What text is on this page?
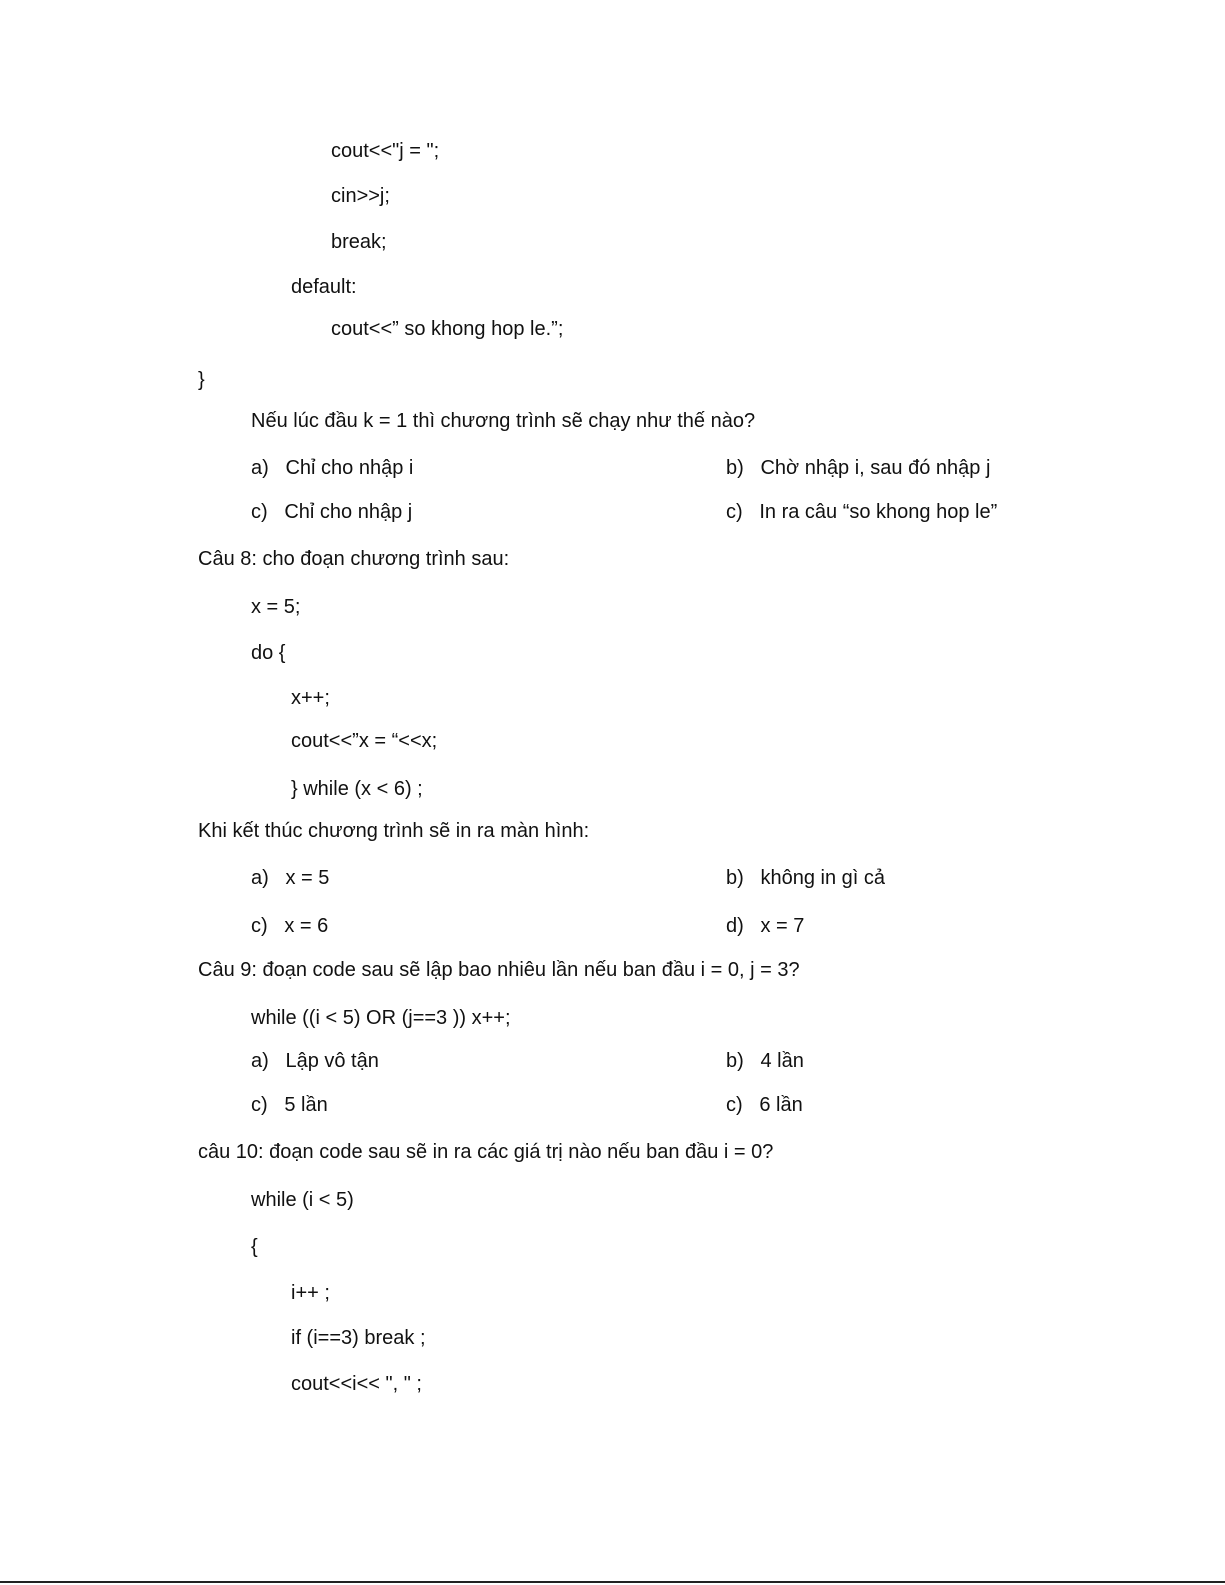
cout<<"j = ";
cin>>j;
break;
default:
cout<<” so khong hop le.”;
}
Nếu lúc đầu k = 1 thì chương trình sẽ chạy như thế nào?
a)   Chỉ cho nhập i	b)   Chờ nhập i, sau đó nhập j
c)   Chỉ cho nhập j	c)   In ra câu “so khong hop le”
Câu 8: cho đoạn chương trình sau:
x = 5;
do {
x++;
cout<<”x = “<<x;
} while (x < 6) ;
Khi kết thúc chương trình sẽ in ra màn hình:
a)   x = 5	b)   không in gì cả
c)   x = 6	d)   x = 7
Câu 9: đoạn code sau sẽ lập bao nhiêu lần nếu ban đầu i = 0, j = 3?
while ((i < 5) OR (j==3 )) x++;
a)   Lập vô tận	b)   4 lần
c)   5 lần	c)   6 lần
câu 10: đoạn code sau sẽ in ra các giá trị nào nếu ban đầu i = 0?
while (i < 5)
{
i++ ;
if (i==3) break ;
cout<<i<< ", " ;
